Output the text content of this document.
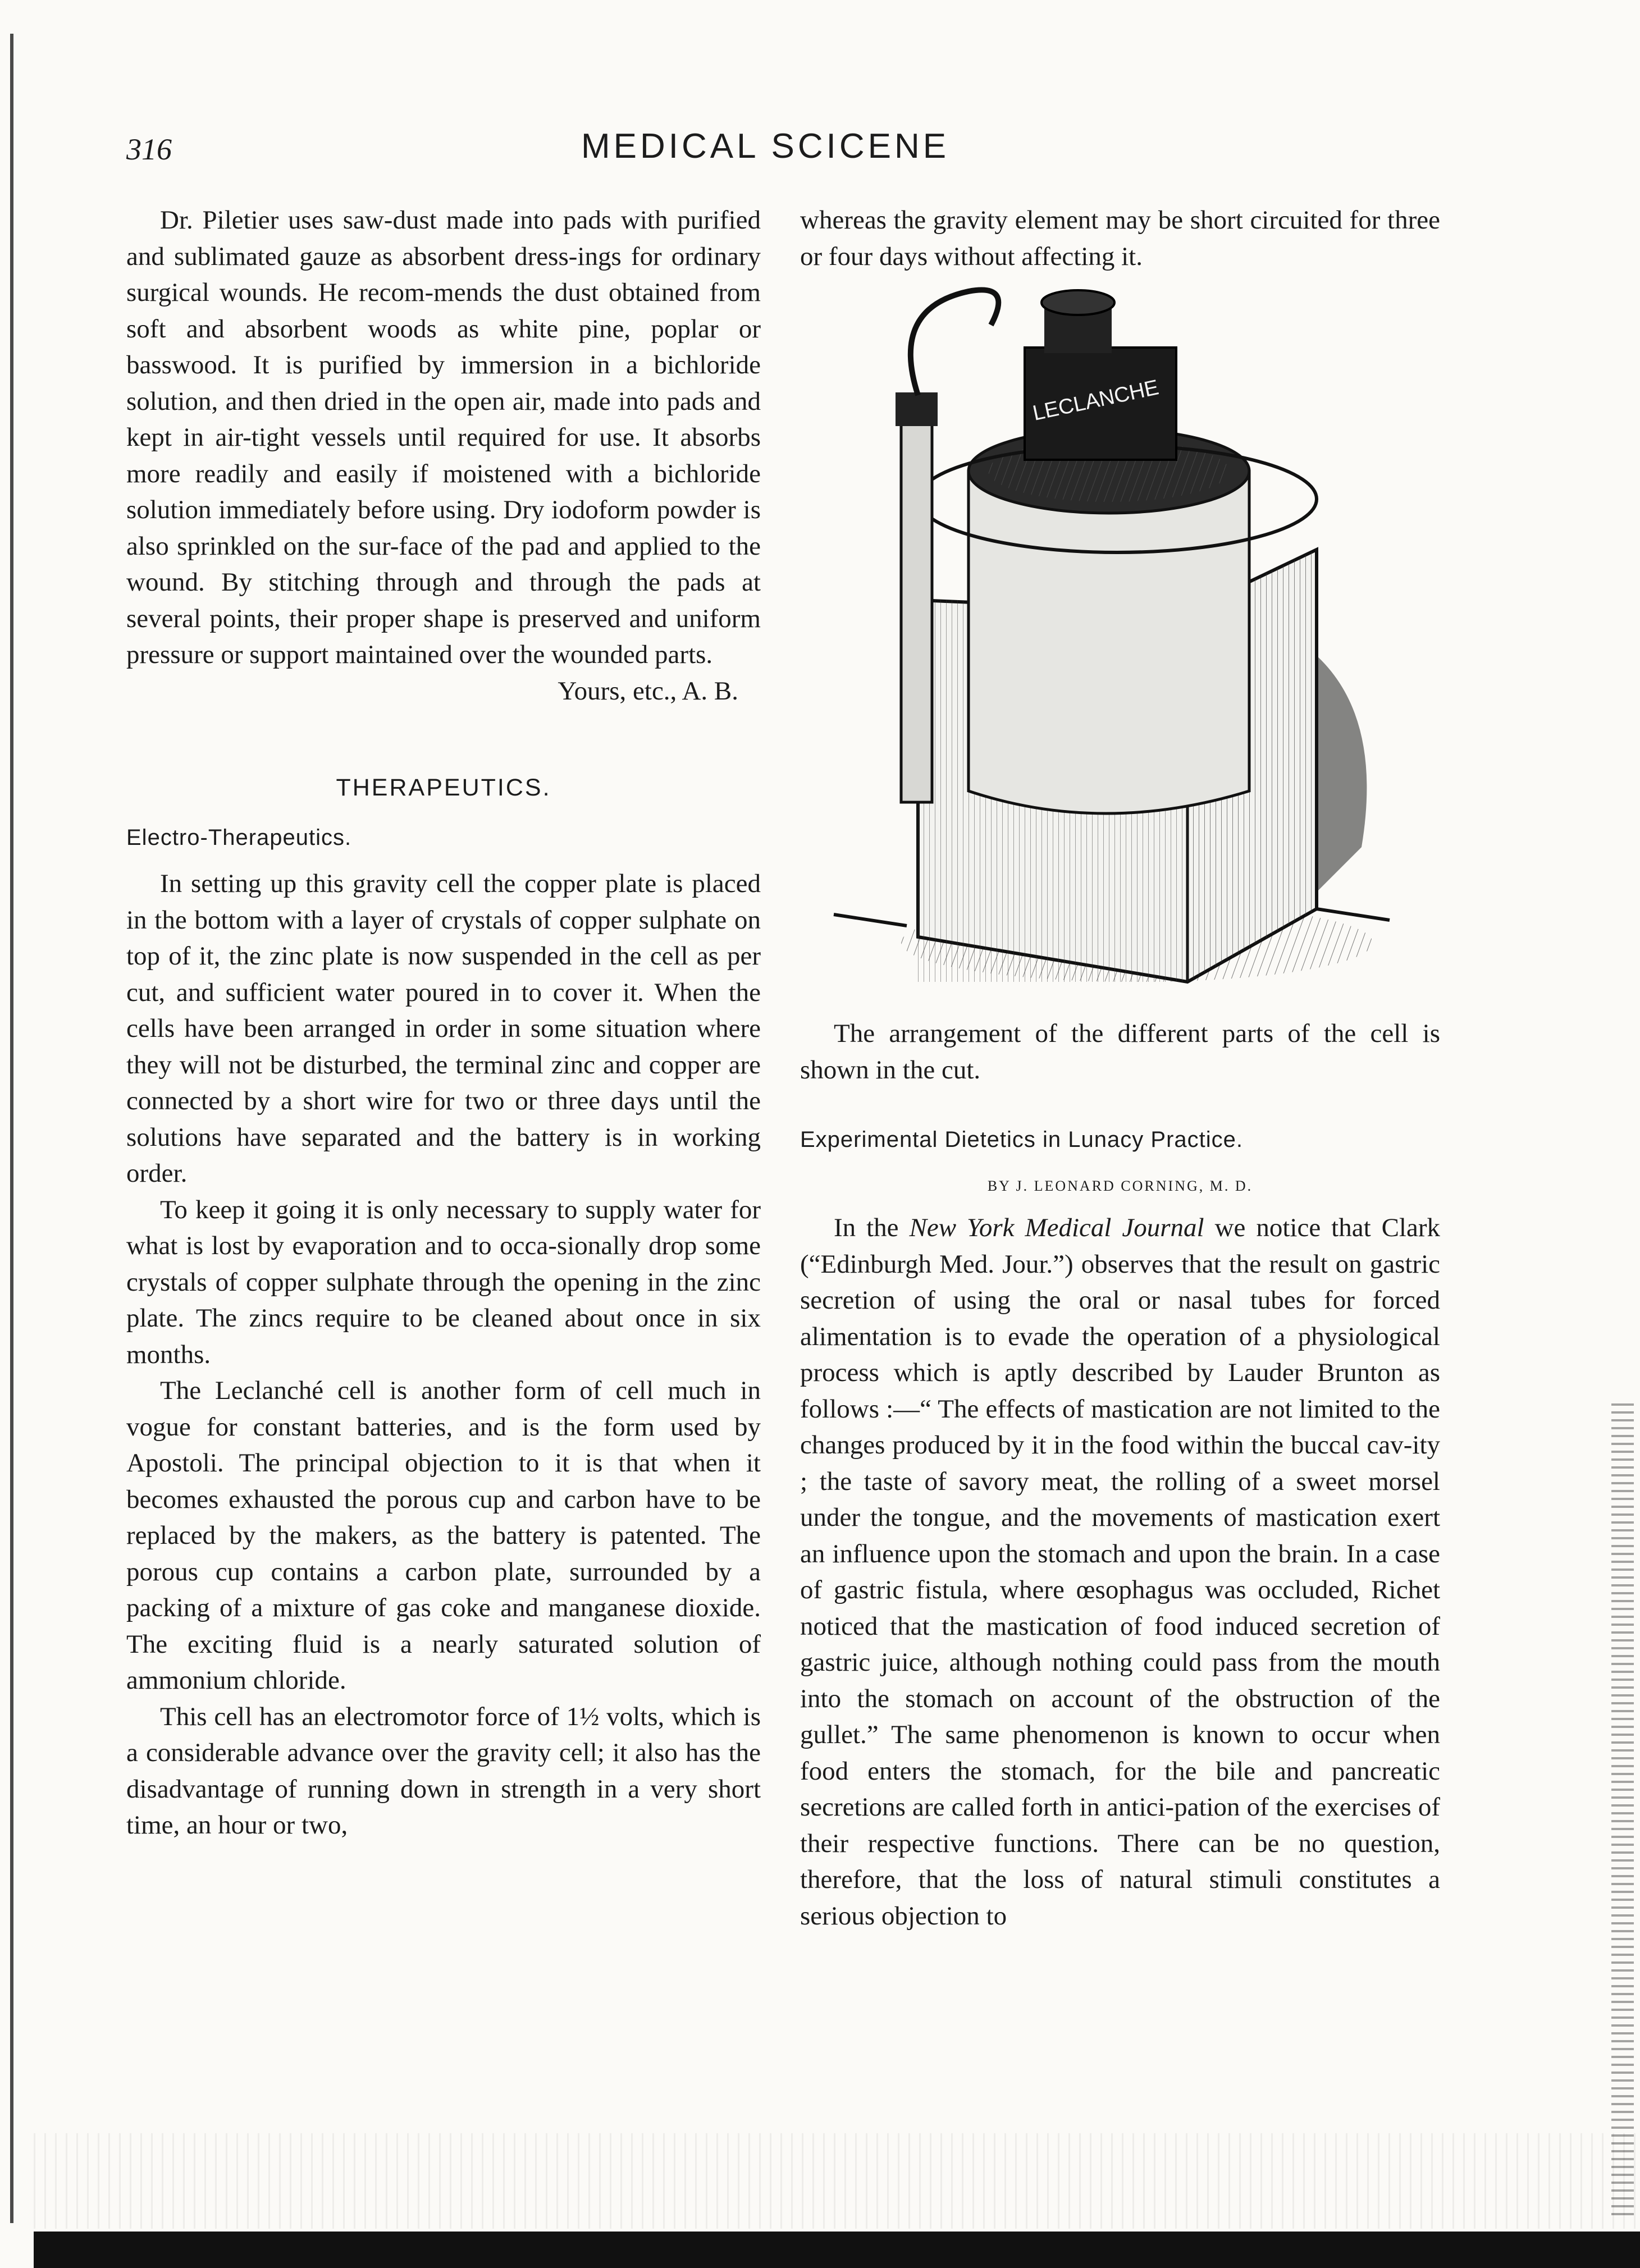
316	MEDICAL SCICENE

Dr. Piletier uses saw-dust made into pads with purified and sublimated gauze as absorbent dress-ings for ordinary surgical wounds. He recom-mends the dust obtained from soft and absorbent woods as white pine, poplar or basswood. It is purified by immersion in a bichloride solution, and then dried in the open air, made into pads and kept in air-tight vessels until required for use. It absorbs more readily and easily if moistened with a bichloride solution immediately before using. Dry iodoform powder is also sprinkled on the sur-face of the pad and applied to the wound. By stitching through and through the pads at several points, their proper shape is preserved and uniform pressure or support maintained over the wounded parts.

Yours, etc., A. B.

THERAPEUTICS.
Electro-Therapeutics.

In setting up this gravity cell the copper plate is placed in the bottom with a layer of crystals of copper sulphate on top of it, the zinc plate is now suspended in the cell as per cut, and sufficient water poured in to cover it. When the cells have been arranged in order in some situation where they will not be disturbed, the terminal zinc and copper are connected by a short wire for two or three days until the solutions have separated and the battery is in working order.

To keep it going it is only necessary to supply water for what is lost by evaporation and to occa-sionally drop some crystals of copper sulphate through the opening in the zinc plate. The zincs require to be cleaned about once in six months.

The Leclanché cell is another form of cell much in vogue for constant batteries, and is the form used by Apostoli. The principal objection to it is that when it becomes exhausted the porous cup and carbon have to be replaced by the makers, as the battery is patented. The porous cup contains a carbon plate, surrounded by a packing of a mixture of gas coke and manganese dioxide. The exciting fluid is a nearly saturated solution of ammonium chloride.

This cell has an electromotor force of 1½ volts, which is a considerable advance over the gravity cell; it also has the disadvantage of running down in strength in a very short time, an hour or two,

whereas the gravity element may be short circuited for three or four days without affecting it.

LECLANCHE

The arrangement of the different parts of the cell is shown in the cut.

Experimental Dietetics in Lunacy Practice.
BY J. LEONARD CORNING, M. D.

In the New York Medical Journal we notice that Clark (“Edinburgh Med. Jour.”) observes that the result on gastric secretion of using the oral or nasal tubes for forced alimentation is to evade the operation of a physiological process which is aptly described by Lauder Brunton as follows :—“ The effects of mastication are not limited to the changes produced by it in the food within the buccal cav-ity ; the taste of savory meat, the rolling of a sweet morsel under the tongue, and the movements of mastication exert an influence upon the stomach and upon the brain. In a case of gastric fistula, where œsophagus was occluded, Richet noticed that the mastication of food induced secretion of gastric juice, although nothing could pass from the mouth into the stomach on account of the obstruction of the gullet.” The same phenomenon is known to occur when food enters the stomach, for the bile and pancreatic secretions are called forth in antici-pation of the exercises of their respective functions. There can be no question, therefore, that the loss of natural stimuli constitutes a serious objection to
